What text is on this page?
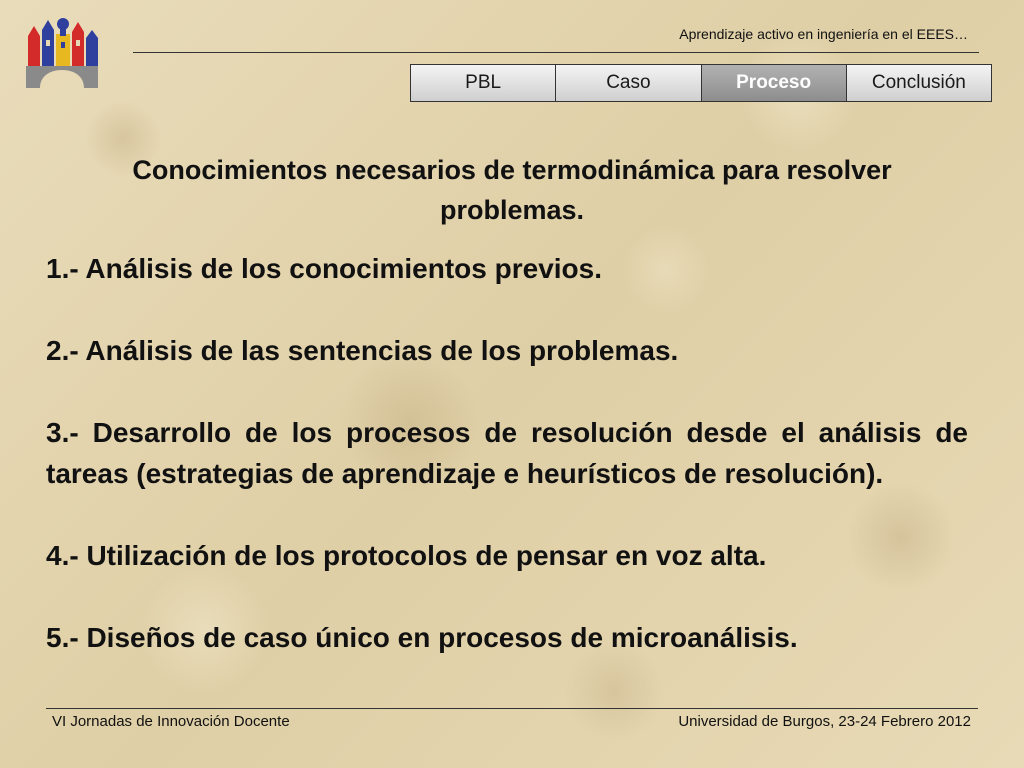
Aprendizaje activo en ingeniería en el EEES…
PBL	Caso	Proceso	Conclusión
Conocimientos necesarios de termodinámica para resolver problemas.
1.- Análisis de los conocimientos previos.
2.- Análisis de las sentencias de los problemas.
3.- Desarrollo de los procesos de resolución desde el análisis de tareas (estrategias de aprendizaje e heurísticos de resolución).
4.- Utilización de los protocolos de pensar en voz alta.
5.- Diseños de caso único en procesos de microanálisis.
VI Jornadas de Innovación Docente	Universidad de Burgos, 23-24 Febrero 2012
